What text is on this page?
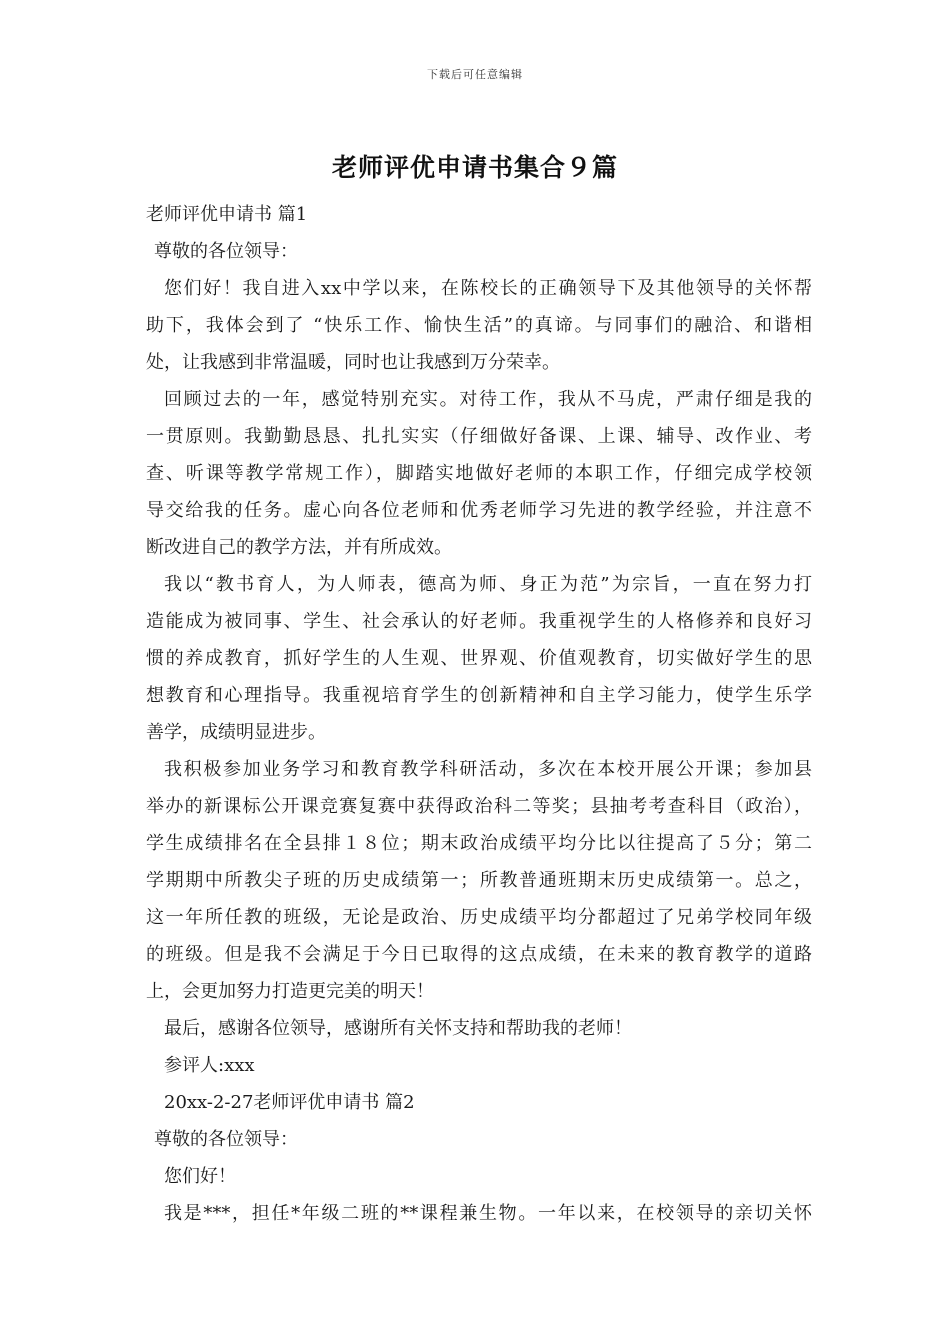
下载后可任意编辑
老师评优申请书集合９篇
老师评优申请书 篇1
尊敬的各位领导：
您们好！我自进入xx中学以来，在陈校长的正确领导下及其他领导的关怀帮
助下，我体会到了 “快乐工作、愉快生活”的真谛。与同事们的融洽、和谐相
处，让我感到非常温暖，同时也让我感到万分荣幸。
回顾过去的一年，感觉特别充实。对待工作，我从不马虎，严肃仔细是我的
一贯原则。我勤勤恳恳、扎扎实实（仔细做好备课、上课、辅导、改作业、考
查、听课等教学常规工作），脚踏实地做好老师的本职工作，仔细完成学校领
导交给我的任务。虚心向各位老师和优秀老师学习先进的教学经验，并注意不
断改进自己的教学方法，并有所成效。
我以“教书育人，为人师表，德高为师、身正为范”为宗旨，一直在努力打
造能成为被同事、学生、社会承认的好老师。我重视学生的人格修养和良好习
惯的养成教育，抓好学生的人生观、世界观、价值观教育，切实做好学生的思
想教育和心理指导。我重视培育学生的创新精神和自主学习能力，使学生乐学
善学，成绩明显进步。
我积极参加业务学习和教育教学科研活动，多次在本校开展公开课；参加县
举办的新课标公开课竞赛复赛中获得政治科二等奖；县抽考考查科目（政治），
学生成绩排名在全县排１８位；期末政治成绩平均分比以往提高了５分；第二
学期期中所教尖子班的历史成绩第一；所教普通班期末历史成绩第一。总之，
这一年所任教的班级，无论是政治、历史成绩平均分都超过了兄弟学校同年级
的班级。但是我不会满足于今日已取得的这点成绩，在未来的教育教学的道路
上，会更加努力打造更完美的明天！
最后，感谢各位领导，感谢所有关怀支持和帮助我的老师！
参评人:xxx
20xx-2-27老师评优申请书 篇2
尊敬的各位领导：
您们好！
我是***，担任*年级二班的**课程兼生物。一年以来，在校领导的亲切关怀
